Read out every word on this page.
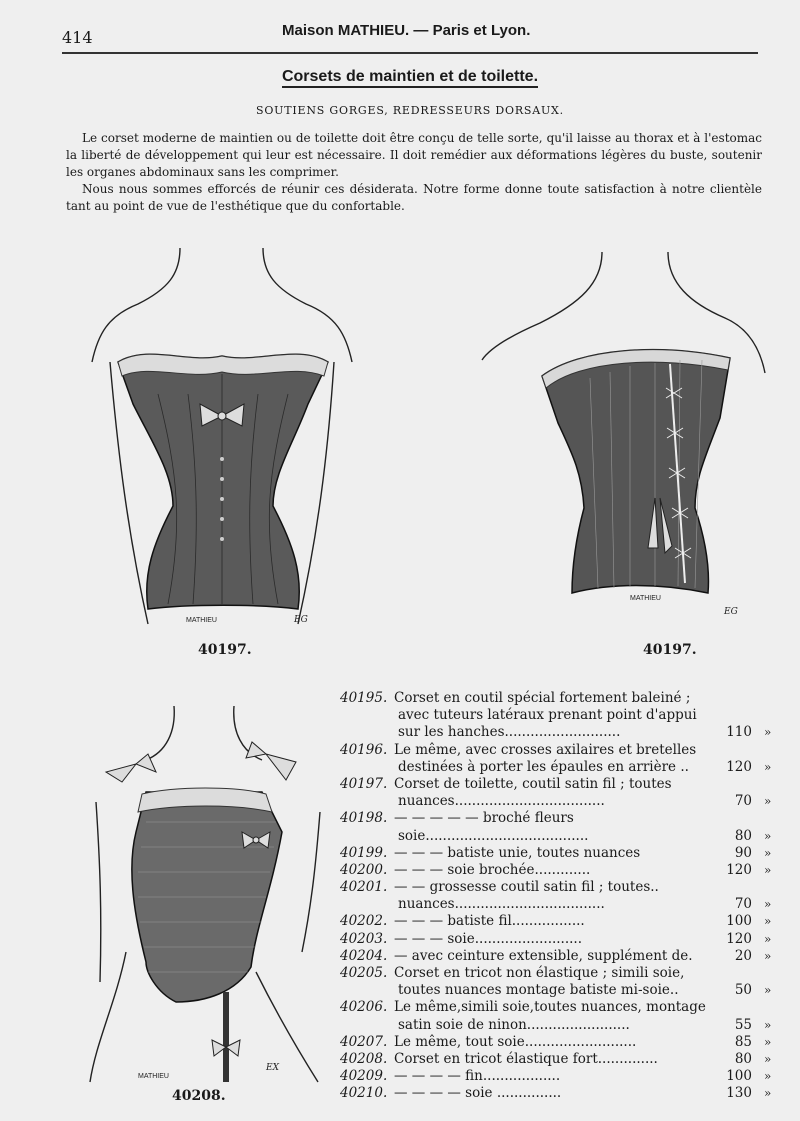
414	Maison MATHIEU. — Paris et Lyon.
Corsets de maintien et de toilette.
SOUTIENS GORGES, REDRESSEURS DORSAUX.

Le corset moderne de maintien ou de toilette doit être conçu de telle sorte, qu'il laisse au thorax et à l'estomac la liberté de développement qui leur est nécessaire. Il doit remédier aux déformations légères du buste, soutenir les organes abdominaux sans les comprimer.

Nous nous sommes efforcés de réunir ces désiderata. Notre forme donne toute satisfaction à notre clientèle tant au point de vue de l'esthétique que du confortable.

MATHIEU	EG
40197.
MATHIEU
EG
40197.
MATHIEU
EX
40208.
40195. Corset en coutil spécial fortement baleiné ;
avec tuteurs latéraux prenant point d'appui
sur les hanches...........................	110 »
40196. Le même, avec crosses axilaires et bretelles
destinées à porter les épaules en arrière ..	120 »
40197. Corset de toilette, coutil satin fil ; toutes
nuances...................................	70 »
40198. — — — — — broché fleurs
soie......................................	80 »
40199. — — — batiste unie, toutes nuances	90 »
40200. — — — soie brochée.............	120 »
40201. — — grossesse coutil satin fil ; toutes..
nuances...................................	70 »
40202. — — — batiste fil.................	100 »
40203. — — — soie.........................	120 »
40204. — avec ceinture extensible, supplément de.	20 »
40205. Corset en tricot non élastique ; simili soie,
toutes nuances montage batiste mi-soie..	50 »
40206. Le même,simili soie,toutes nuances, montage
satin soie de ninon........................	55 »
40207. Le même, tout soie..........................	85 »
40208. Corset en tricot élastique fort..............	80 »
40209. — — — — fin..................	100 »
40210. — — — — soie ...............	130 »
